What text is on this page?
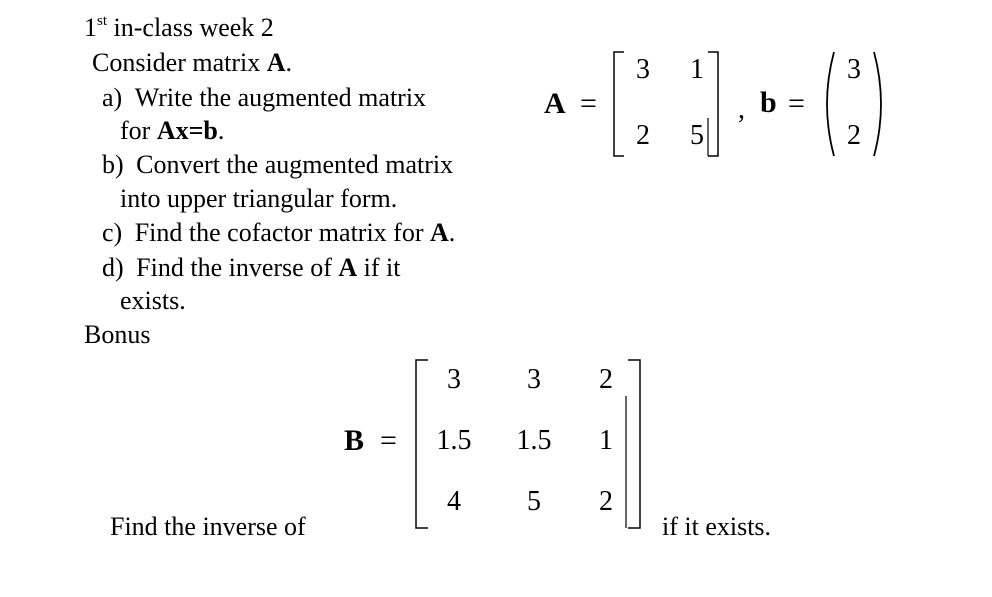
1st in-class week 2
Consider matrix A.
a) Write the augmented matrix
for Ax=b.
b) Convert the augmented matrix
into upper triangular form.
c) Find the cofactor matrix for A.
d) Find the inverse of A if it
exists.
Bonus
A =
3	1
2	5
, b =
3
2
Find the inverse of
B =
3	3	2
1.5	1.5	1
4	5	2
if it exists.
